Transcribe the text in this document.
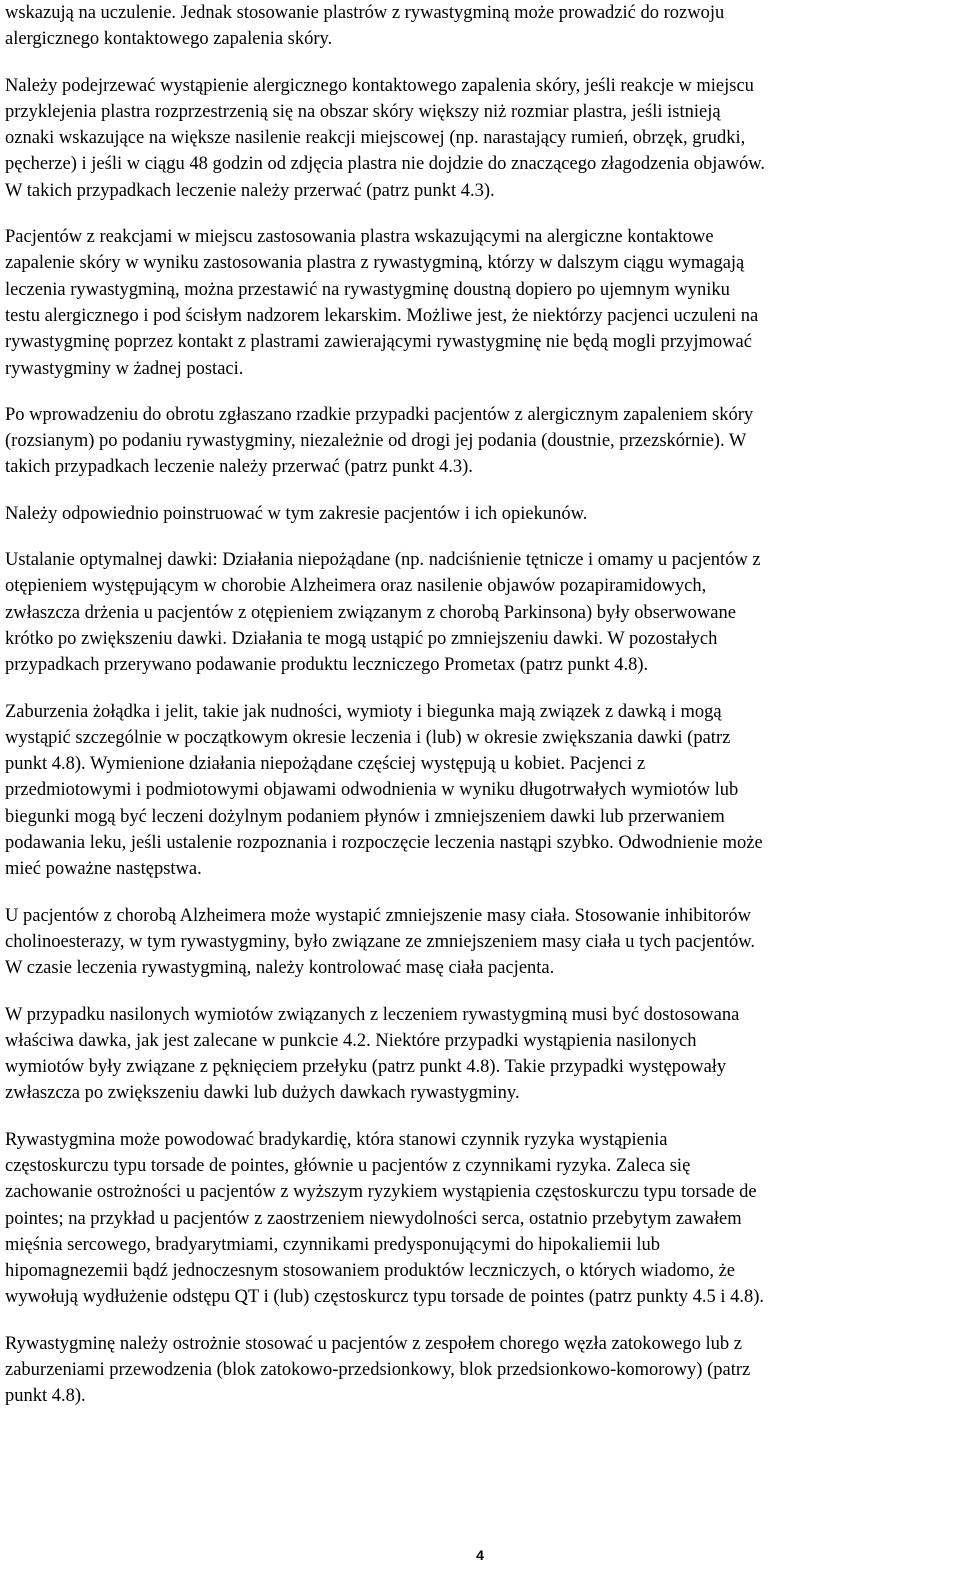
wskazują na uczulenie. Jednak stosowanie plastrów z rywastygminą może prowadzić do rozwoju
alergicznego kontaktowego zapalenia skóry.

Należy podejrzewać wystąpienie alergicznego kontaktowego zapalenia skóry, jeśli reakcje w miejscu
przyklejenia plastra rozprzestrzenią się na obszar skóry większy niż rozmiar plastra, jeśli istnieją
oznaki wskazujące na większe nasilenie reakcji miejscowej (np. narastający rumień, obrzęk, grudki,
pęcherze) i jeśli w ciągu 48 godzin od zdjęcia plastra nie dojdzie do znaczącego złagodzenia objawów.
W takich przypadkach leczenie należy przerwać (patrz punkt 4.3).

Pacjentów z reakcjami w miejscu zastosowania plastra wskazującymi na alergiczne kontaktowe
zapalenie skóry w wyniku zastosowania plastra z rywastygminą, którzy w dalszym ciągu wymagają
leczenia rywastygminą, można przestawić na rywastygminę doustną dopiero po ujemnym wyniku
testu alergicznego i pod ścisłym nadzorem lekarskim. Możliwe jest, że niektórzy pacjenci uczuleni na
rywastygminę poprzez kontakt z plastrami zawierającymi rywastygminę nie będą mogli przyjmować
rywastygminy w żadnej postaci.

Po wprowadzeniu do obrotu zgłaszano rzadkie przypadki pacjentów z alergicznym zapaleniem skóry
(rozsianym) po podaniu rywastygminy, niezależnie od drogi jej podania (doustnie, przezskórnie). W
takich przypadkach leczenie należy przerwać (patrz punkt 4.3).

Należy odpowiednio poinstruować w tym zakresie pacjentów i ich opiekunów.

Ustalanie optymalnej dawki: Działania niepożądane (np. nadciśnienie tętnicze i omamy u pacjentów z
otępieniem występującym w chorobie Alzheimera oraz nasilenie objawów pozapiramidowych,
zwłaszcza drżenia u pacjentów z otępieniem związanym z chorobą Parkinsona) były obserwowane
krótko po zwiększeniu dawki. Działania te mogą ustąpić po zmniejszeniu dawki. W pozostałych
przypadkach przerywano podawanie produktu leczniczego Prometax (patrz punkt 4.8).

Zaburzenia żołądka i jelit, takie jak nudności, wymioty i biegunka mają związek z dawką i mogą
wystąpić szczególnie w początkowym okresie leczenia i (lub) w okresie zwiększania dawki (patrz
punkt 4.8). Wymienione działania niepożądane częściej występują u kobiet. Pacjenci z
przedmiotowymi i podmiotowymi objawami odwodnienia w wyniku długotrwałych wymiotów lub
biegunki mogą być leczeni dożylnym podaniem płynów i zmniejszeniem dawki lub przerwaniem
podawania leku, jeśli ustalenie rozpoznania i rozpoczęcie leczenia nastąpi szybko. Odwodnienie może
mieć poważne następstwa.

U pacjentów z chorobą Alzheimera może wystapić zmniejszenie masy ciała. Stosowanie inhibitorów
cholinoesterazy, w tym rywastygminy, było związane ze zmniejszeniem masy ciała u tych pacjentów.
W czasie leczenia rywastygminą, należy kontrolować masę ciała pacjenta.

W przypadku nasilonych wymiotów związanych z leczeniem rywastygminą musi być dostosowana
właściwa dawka, jak jest zalecane w punkcie 4.2. Niektóre przypadki wystąpienia nasilonych
wymiotów były związane z pęknięciem przełyku (patrz punkt 4.8). Takie przypadki występowały
zwłaszcza po zwiększeniu dawki lub dużych dawkach rywastygminy.

Rywastygmina może powodować bradykardię, która stanowi czynnik ryzyka wystąpienia
częstoskurczu typu torsade de pointes, głównie u pacjentów z czynnikami ryzyka. Zaleca się
zachowanie ostrożności u pacjentów z wyższym ryzykiem wystąpienia częstoskurczu typu torsade de
pointes; na przykład u pacjentów z zaostrzeniem niewydolności serca, ostatnio przebytym zawałem
mięśnia sercowego, bradyarytmiami, czynnikami predysponującymi do hipokaliemii lub
hipomagnezemii bądź jednoczesnym stosowaniem produktów leczniczych, o których wiadomo, że
wywołują wydłużenie odstępu QT i (lub) częstoskurcz typu torsade de pointes (patrz punkty 4.5 i 4.8).

Rywastygminę należy ostrożnie stosować u pacjentów z zespołem chorego węzła zatokowego lub z
zaburzeniami przewodzenia (blok zatokowo-przedsionkowy, blok przedsionkowo-komorowy) (patrz
punkt 4.8).

4
